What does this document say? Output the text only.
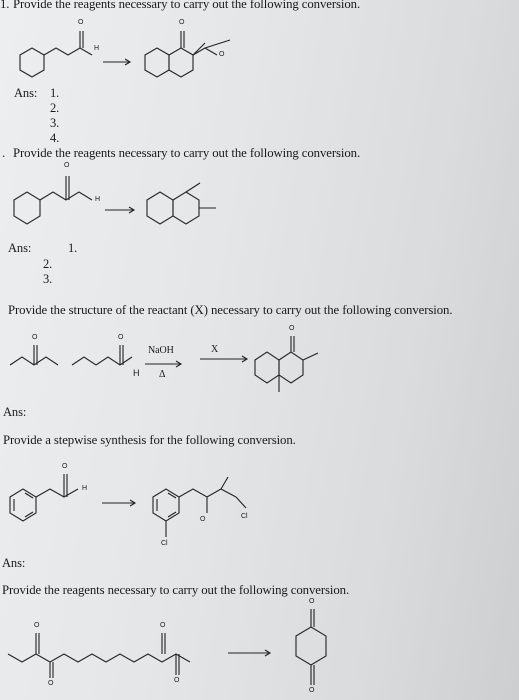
1. Provide the reagents necessary to carry out the following conversion.
O
H
O
O
Ans: 1.
2.
3.
4.
. Provide the reagents necessary to carry out the following conversion.
O
H
Ans:	1.
2.
3.
Provide the structure of the reactant (X) necessary to carry out the following conversion.
O	O
H
NaOH	X
Δ
O
Ans:
Provide a stepwise synthesis for the following conversion.
O
H
O	Cl
Cl
Ans:
Provide the reagents necessary to carry out the following conversion.
O
O
O
O
O
O
